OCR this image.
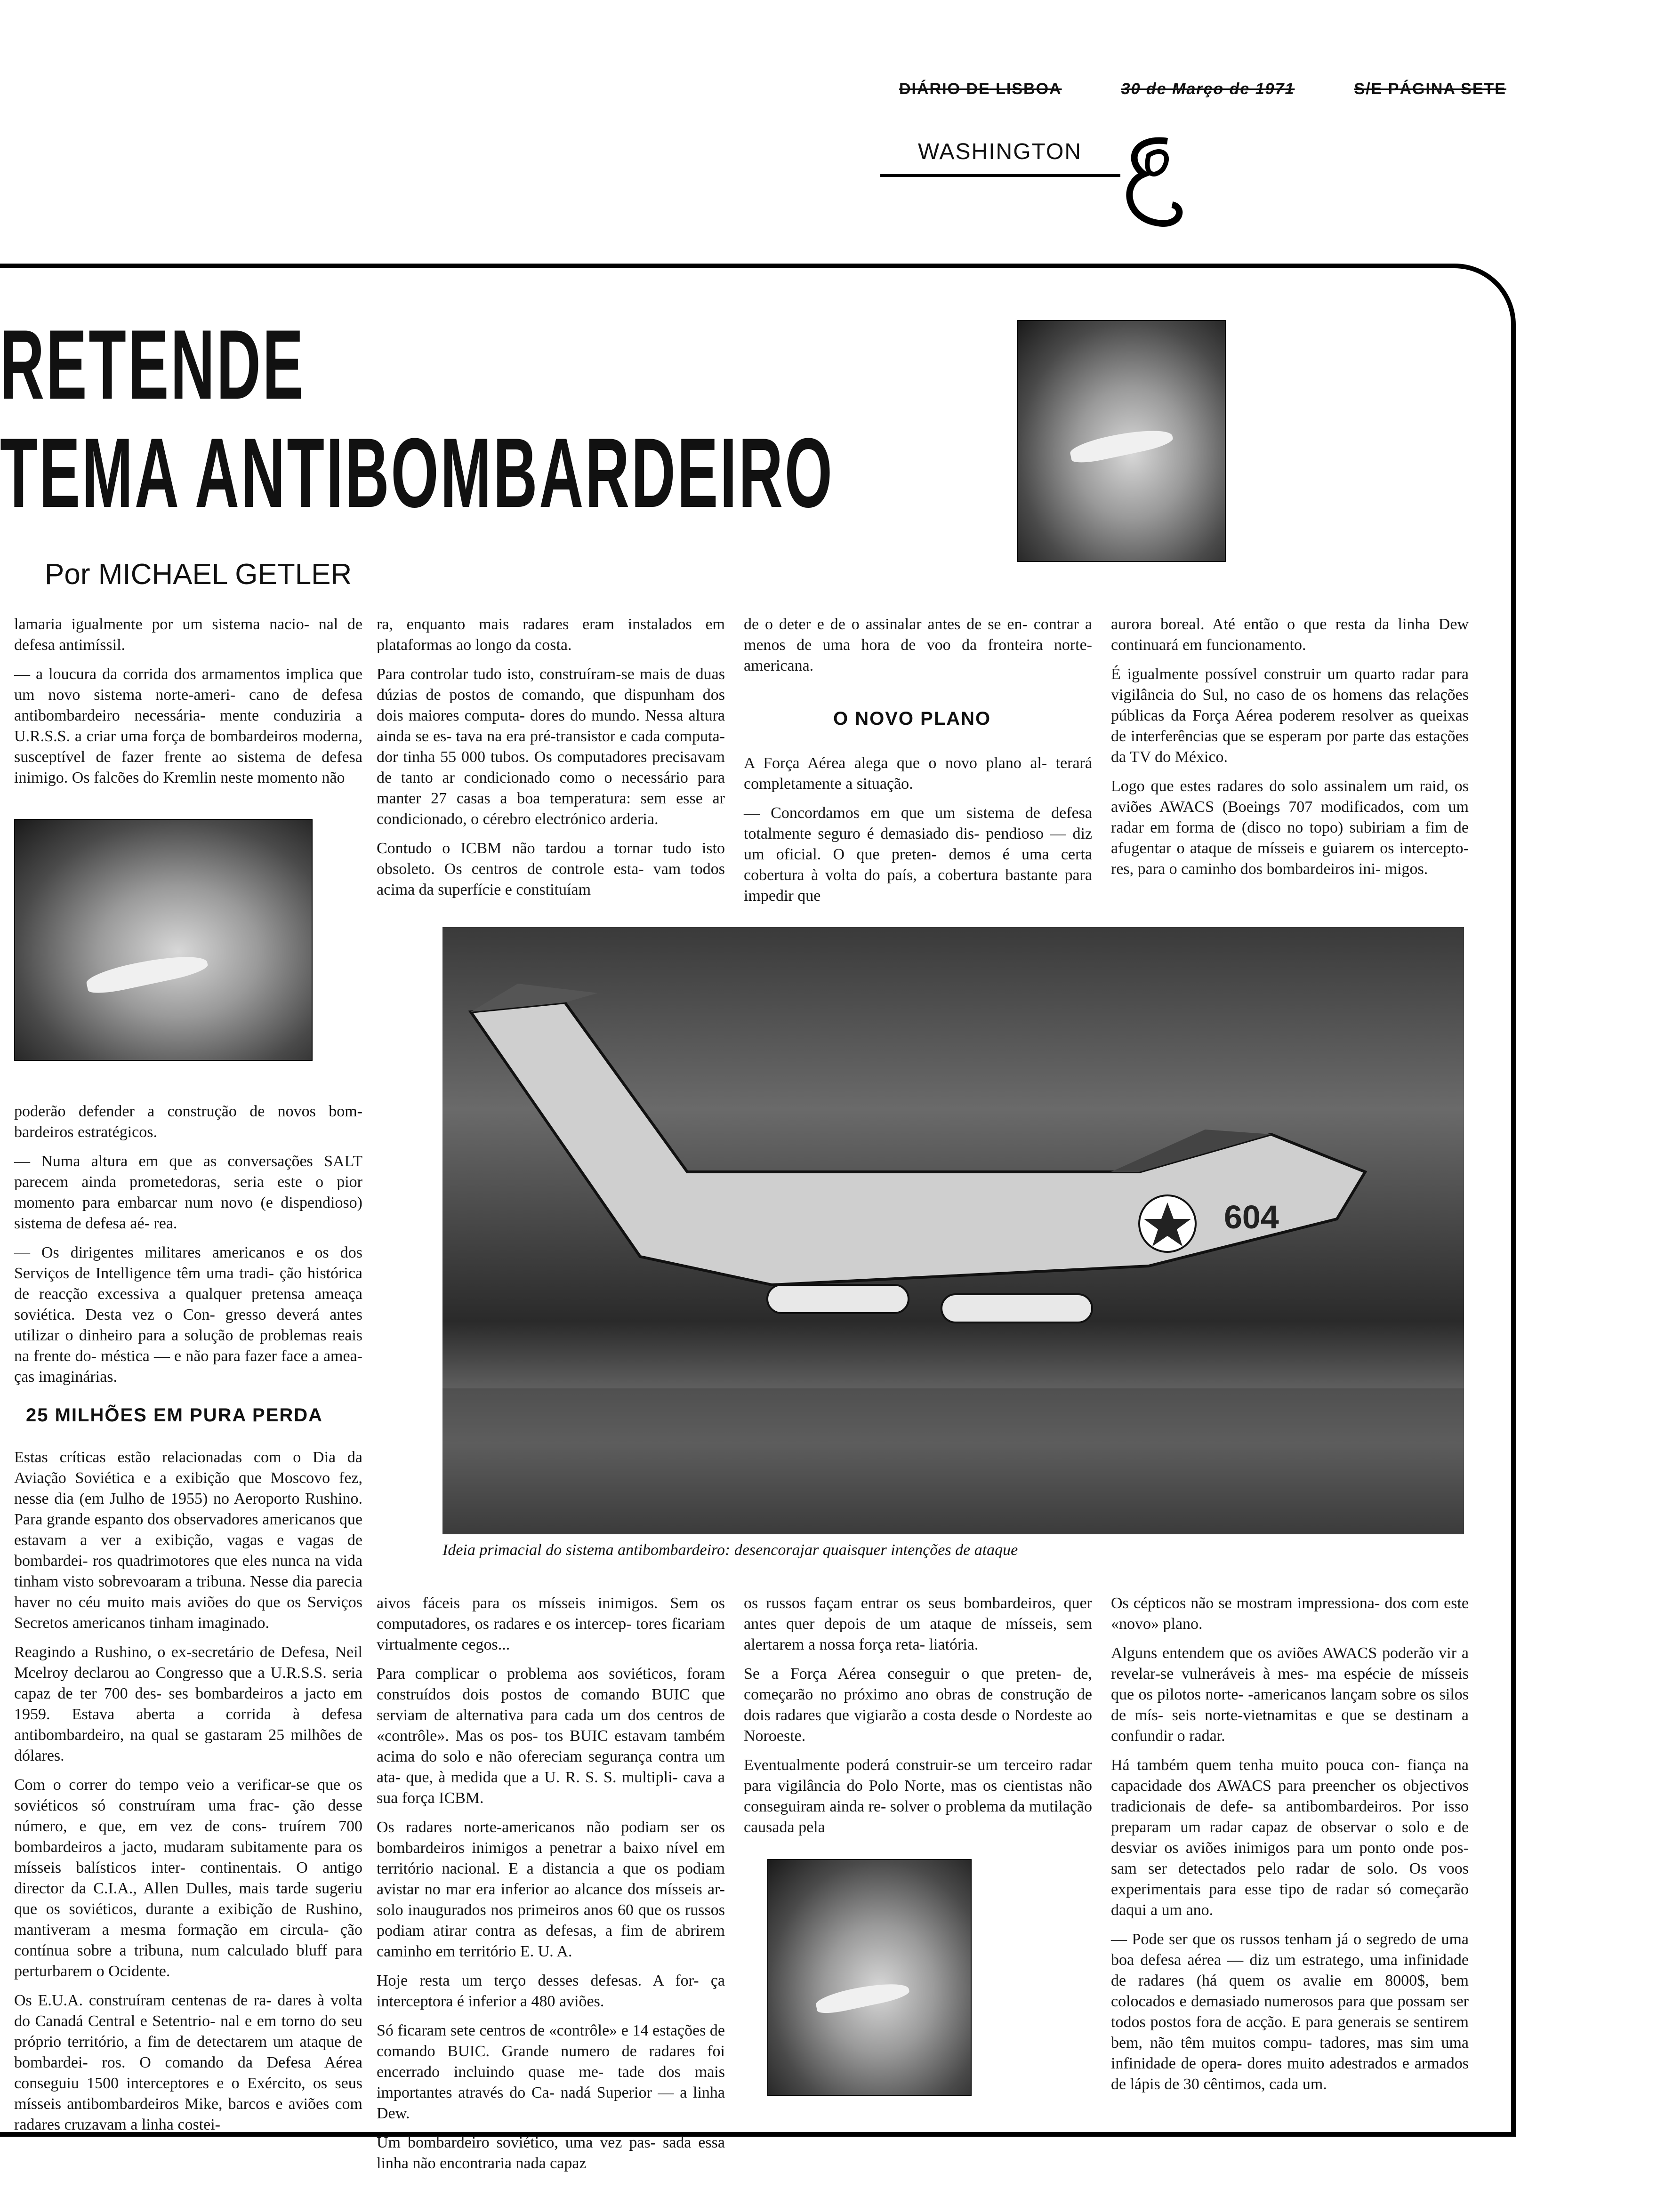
DIÁRIO DE LISBOA	30 de Março de 1971	S/E PÁGINA SETE
WASHINGTON
RETENDE
TEMA ANTIBOMBARDEIRO
Por MICHAEL GETLER

lamaria igualmente por um sistema nacio- nal de defesa antimíssil.

— a loucura da corrida dos armamentos implica que um novo sistema norte-ameri- cano de defesa antibombardeiro necessária- mente conduziria a U.R.S.S. a criar uma força de bombardeiros moderna, susceptível de fazer frente ao sistema de defesa inimigo. Os falcões do Kremlin neste momento não

poderão defender a construção de novos bom- bardeiros estratégicos.

— Numa altura em que as conversações SALT parecem ainda prometedoras, seria este o pior momento para embarcar num novo (e dispendioso) sistema de defesa aé- rea.

— Os dirigentes militares americanos e os dos Serviços de Intelligence têm uma tradi- ção histórica de reacção excessiva a qualquer pretensa ameaça soviética. Desta vez o Con- gresso deverá antes utilizar o dinheiro para a solução de problemas reais na frente do- méstica — e não para fazer face a amea- ças imaginárias.

25 MILHÕES EM PURA PERDA

Estas críticas estão relacionadas com o Dia da Aviação Soviética e a exibição que Moscovo fez, nesse dia (em Julho de 1955) no Aeroporto Rushino. Para grande espanto dos observadores americanos que estavam a ver a exibição, vagas e vagas de bombardei- ros quadrimotores que eles nunca na vida tinham visto sobrevoaram a tribuna. Nesse dia parecia haver no céu muito mais aviões do que os Serviços Secretos americanos tinham imaginado.

Reagindo a Rushino, o ex-secretário de Defesa, Neil Mcelroy declarou ao Congresso que a U.R.S.S. seria capaz de ter 700 des- ses bombardeiros a jacto em 1959. Estava aberta a corrida à defesa antibombardeiro, na qual se gastaram 25 milhões de dólares.

Com o correr do tempo veio a verificar-se que os soviéticos só construíram uma frac- ção desse número, e que, em vez de cons- truírem 700 bombardeiros a jacto, mudaram subitamente para os mísseis balísticos inter- continentais. O antigo director da C.I.A., Allen Dulles, mais tarde sugeriu que os soviéticos, durante a exibição de Rushino, mantiveram a mesma formação em circula- ção contínua sobre a tribuna, num calculado bluff para perturbarem o Ocidente.

Os E.U.A. construíram centenas de ra- dares à volta do Canadá Central e Setentrio- nal e em torno do seu próprio território, a fim de detectarem um ataque de bombardei- ros. O comando da Defesa Aérea conseguiu 1500 interceptores e o Exército, os seus mísseis antibombardeiros Mike, barcos e aviões com radares cruzavam a linha costei-

ra, enquanto mais radares eram instalados em plataformas ao longo da costa.

Para controlar tudo isto, construíram-se mais de duas dúzias de postos de comando, que dispunham dos dois maiores computa- dores do mundo. Nessa altura ainda se es- tava na era pré-transistor e cada computa- dor tinha 55 000 tubos. Os computadores precisavam de tanto ar condicionado como o necessário para manter 27 casas a boa temperatura: sem esse ar condicionado, o cérebro electrónico arderia.

Contudo o ICBM não tardou a tornar tudo isto obsoleto. Os centros de controle esta- vam todos acima da superfície e constituíam

de o deter e de o assinalar antes de se en- contrar a menos de uma hora de voo da fronteira norte-americana.

O NOVO PLANO

A Força Aérea alega que o novo plano al- terará completamente a situação.

— Concordamos em que um sistema de defesa totalmente seguro é demasiado dis- pendioso — diz um oficial. O que preten- demos é uma certa cobertura à volta do país, a cobertura bastante para impedir que

aurora boreal. Até então o que resta da linha Dew continuará em funcionamento.

É igualmente possível construir um quarto radar para vigilância do Sul, no caso de os homens das relações públicas da Força Aérea poderem resolver as queixas de interferências que se esperam por parte das estações da TV do México.

Logo que estes radares do solo assinalem um raid, os aviões AWACS (Boeings 707 modificados, com um radar em forma de (disco no topo) subiriam a fim de afugentar o ataque de mísseis e guiarem os intercepto- res, para o caminho dos bombardeiros ini- migos.

604
Ideia primacial do sistema antibombardeiro: desencorajar quaisquer intenções de ataque

aivos fáceis para os mísseis inimigos. Sem os computadores, os radares e os intercep- tores ficariam virtualmente cegos...

Para complicar o problema aos soviéticos, foram construídos dois postos de comando BUIC que serviam de alternativa para cada um dos centros de «contrôle». Mas os pos- tos BUIC estavam também acima do solo e não ofereciam segurança contra um ata- que, à medida que a U. R. S. S. multipli- cava a sua força ICBM.

Os radares norte-americanos não podiam ser os bombardeiros inimigos a penetrar a baixo nível em território nacional. E a distancia a que os podiam avistar no mar era inferior ao alcance dos mísseis ar-solo inaugurados nos primeiros anos 60 que os russos podiam atirar contra as defesas, a fim de abrirem caminho em território E. U. A.

Hoje resta um terço desses defesas. A for- ça interceptora é inferior a 480 aviões.

Só ficaram sete centros de «contrôle» e 14 estações de comando BUIC. Grande numero de radares foi encerrado incluindo quase me- tade dos mais importantes através do Ca- nadá Superior — a linha Dew.

Um bombardeiro soviético, uma vez pas- sada essa linha não encontraria nada capaz

os russos façam entrar os seus bombardeiros, quer antes quer depois de um ataque de mísseis, sem alertarem a nossa força reta- liatória.

Se a Força Aérea conseguir o que preten- de, começarão no próximo ano obras de construção de dois radares que vigiarão a costa desde o Nordeste ao Noroeste.

Eventualmente poderá construir-se um terceiro radar para vigilância do Polo Norte, mas os cientistas não conseguiram ainda re- solver o problema da mutilação causada pela

Os cépticos não se mostram impressiona- dos com este «novo» plano.

Alguns entendem que os aviões AWACS poderão vir a revelar-se vulneráveis à mes- ma espécie de mísseis que os pilotos norte- -americanos lançam sobre os silos de mís- seis norte-vietnamitas e que se destinam a confundir o radar.

Há também quem tenha muito pouca con- fiança na capacidade dos AWACS para preencher os objectivos tradicionais de defe- sa antibombardeiros. Por isso preparam um radar capaz de observar o solo e de desviar os aviões inimigos para um ponto onde pos- sam ser detectados pelo radar de solo. Os voos experimentais para esse tipo de radar só começarão daqui a um ano.

— Pode ser que os russos tenham já o segredo de uma boa defesa aérea — diz um estratego, uma infinidade de radares (há quem os avalie em 8000$, bem colocados e demasiado numerosos para que possam ser todos postos fora de acção. E para generais se sentirem bem, não têm muitos compu- tadores, mas sim uma infinidade de opera- dores muito adestrados e armados de lápis de 30 cêntimos, cada um.
